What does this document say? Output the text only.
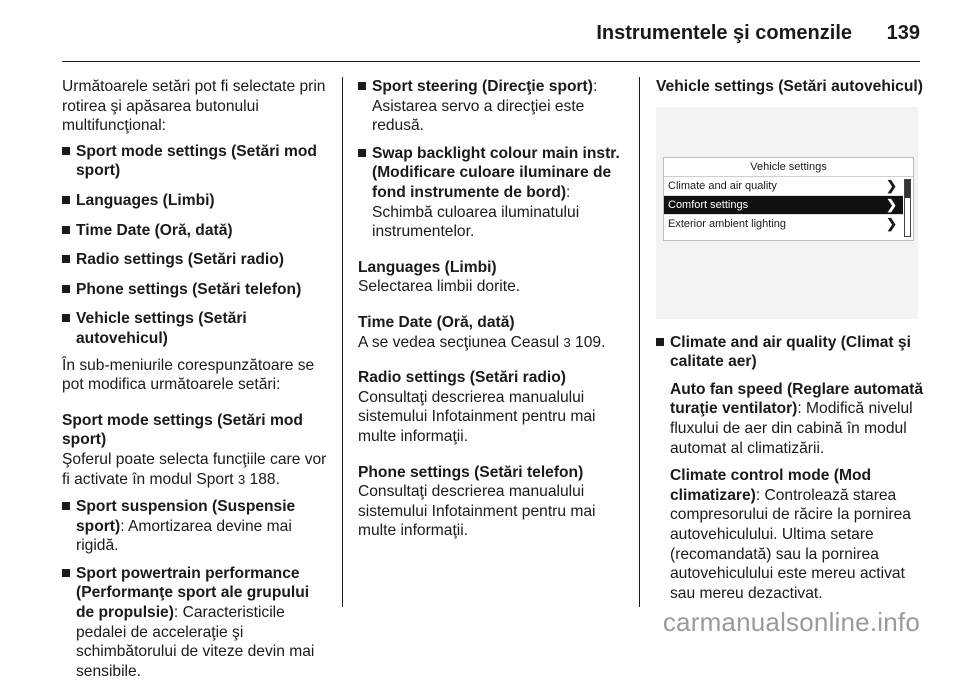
Instrumentele şi comenzile 139

Următoarele setări pot fi selectate prin rotirea şi apăsarea butonului multifuncţional:

Sport mode settings (Setări mod sport)

Languages (Limbi)

Time Date (Oră, dată)

Radio settings (Setări radio)

Phone settings (Setări telefon)

Vehicle settings (Setări autovehicul)

În sub-meniurile corespunzătoare se pot modifica următoarele setări:

Sport mode settings (Setări mod sport)

Şoferul poate selecta funcţiile care vor fi activate în modul Sport 3 188.

Sport suspension (Suspensie sport): Amortizarea devine mai rigidă.

Sport powertrain performance (Performanţe sport ale grupului de propulsie): Caracteristicile pedalei de acceleraţie şi schimbătorului de viteze devin mai sensibile.

Sport steering (Direcţie sport): Asistarea servo a direcţiei este redusă.

Swap backlight colour main instr. (Modificare culoare iluminare de fond instrumente de bord): Schimbă culoarea iluminatului instrumentelor.

Languages (Limbi)

Selectarea limbii dorite.

Time Date (Oră, dată)

A se vedea secţiunea Ceasul 3 109.

Radio settings (Setări radio)

Consultaţi descrierea manualului sistemului Infotainment pentru mai multe informaţii.

Phone settings (Setări telefon)

Consultaţi descrierea manualului sistemului Infotainment pentru mai multe informaţii.

Vehicle settings (Setări autovehicul)

Vehicle settings
Climate and air quality	❯
Comfort settings	❯
Exterior ambient lighting	❯

Climate and air quality (Climat şi calitate aer)

Auto fan speed (Reglare automată turaţie ventilator): Modifică nivelul fluxului de aer din cabină în modul automat al climatizării.

Climate control mode (Mod climatizare): Controlează starea compresorului de răcire la pornirea autovehiculului. Ultima setare (recomandată) sau la pornirea autovehiculului este mereu activat sau mereu dezactivat.

carmanualsonline.info
